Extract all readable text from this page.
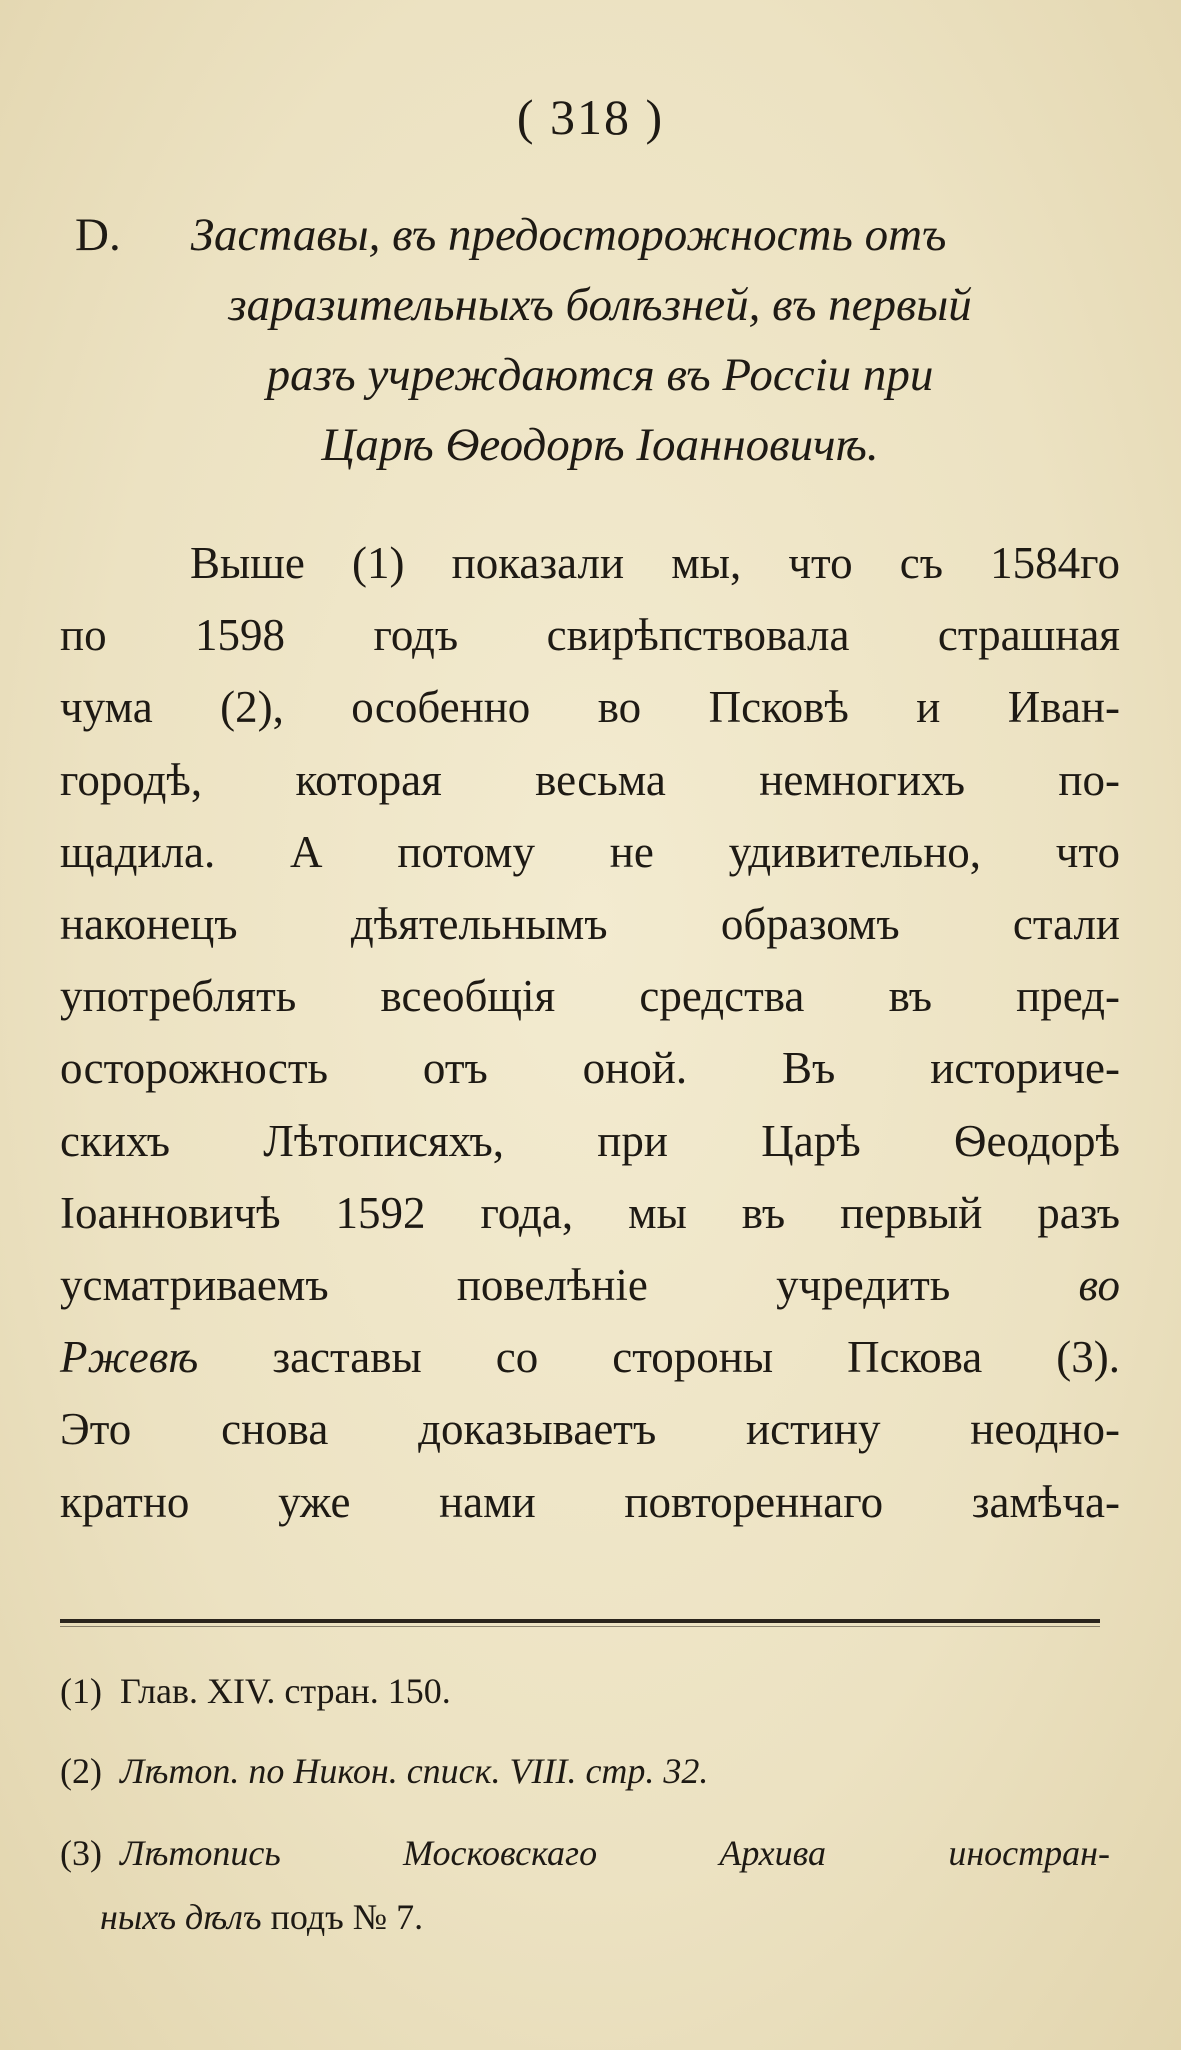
( 318 )
D. Заставы, въ предосторожность отъ
заразительныхъ болѣзней, въ первый
разъ учреждаются въ Россіи при
Царѣ Ѳеодорѣ Іоанновичѣ.
Выше (1) показали мы, что съ 1584го
по 1598 годъ свирѣпствовала страшная
чума (2), особенно во Псковѣ и Иван-
городѣ, которая весьма немногихъ по-
щадила. А потому не удивительно, что
наконецъ дѣятельнымъ образомъ стали
употреблять всеобщія средства въ пред-
осторожность отъ оной. Въ историче-
скихъ Лѣтописяхъ, при Царѣ Ѳеодорѣ
Іоанновичѣ 1592 года, мы въ первый разъ
усматриваемъ повелѣніе учредить	во
Ржевѣ заставы со стороны Пскова (3).
Это снова доказываетъ истину неодно-
кратно уже нами повтореннаго замѣча-
(1) Глав. XIV. стран. 150.
(2) Лѣтоп. по Никон. списк. VIII. стр. 32.
(3) Лѣтопись Московскаго Архива иностран-
ныхъ дѣлъ подъ № 7.
